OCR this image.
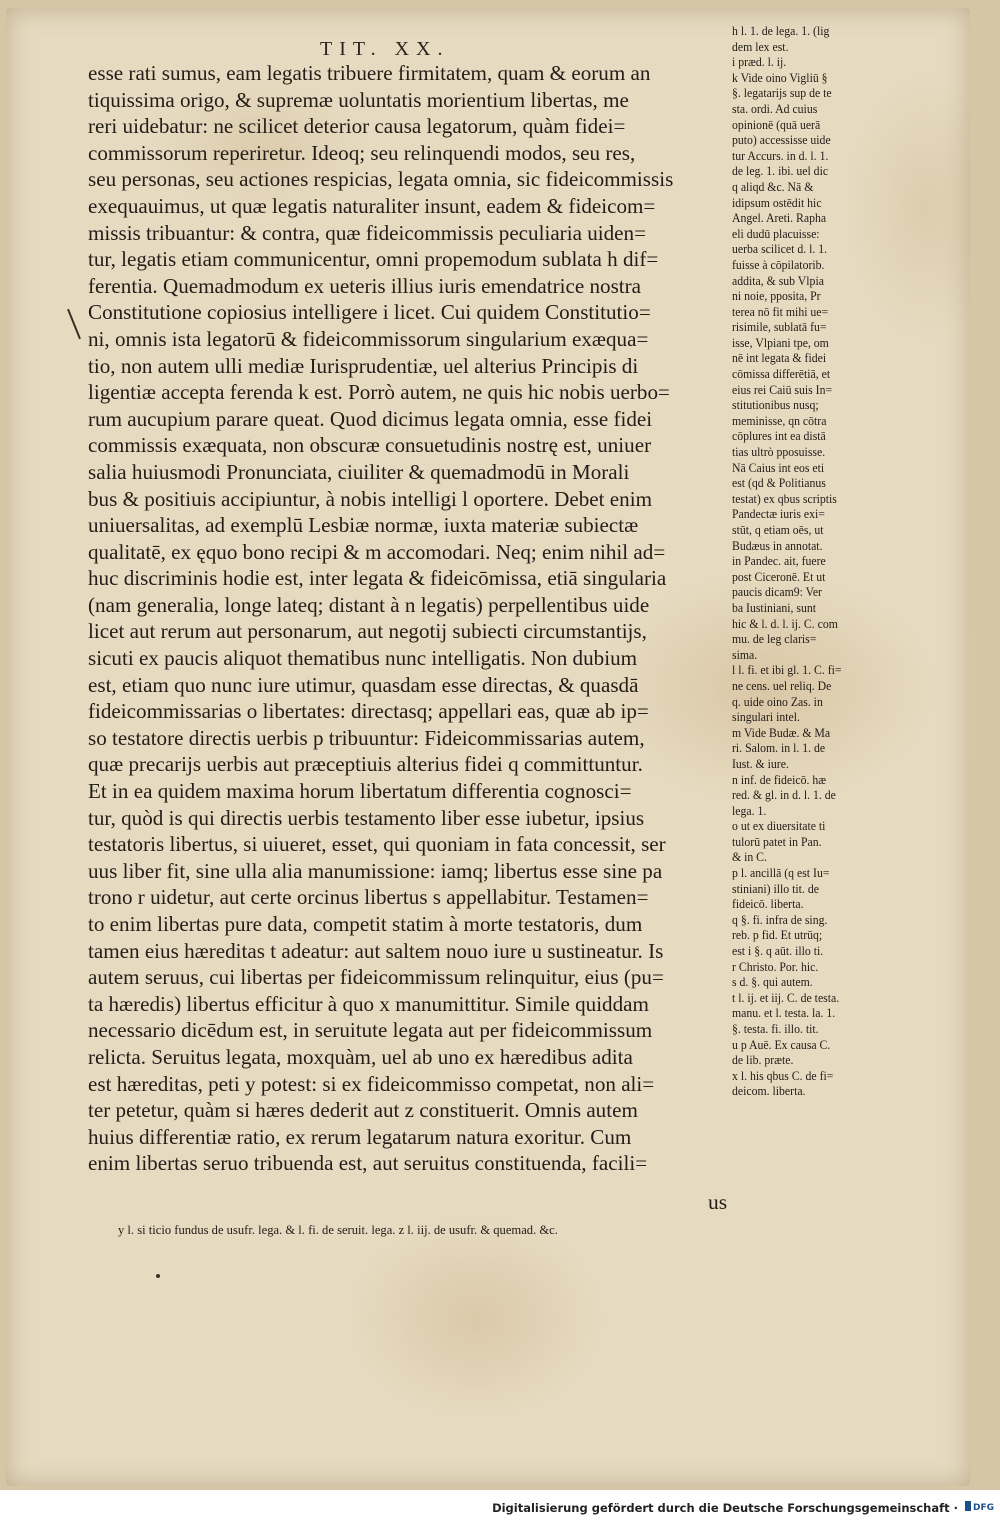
TIT. XX.
esse rati sumus, eam legatis tribuere firmitatem, quam & eorum an
tiquissima origo, & supremæ uoluntatis morientium libertas, me
reri uidebatur: ne scilicet deterior causa legatorum, quàm fidei=
commissorum reperiretur. Ideoq; seu relinquendi modos, seu res,
seu personas, seu actiones respicias, legata omnia, sic fideicommissis
exequauimus, ut quæ legatis naturaliter insunt, eadem & fideicom=
missis tribuantur: & contra, quæ fideicommissis peculiaria uiden=
tur, legatis etiam communicentur, omni propemodum sublata h dif=
ferentia. Quemadmodum ex ueteris illius iuris emendatrice nostra
Constitutione copiosius intelligere i licet. Cui quidem Constitutio=
ni, omnis ista legatorū & fideicommissorum singularium exæqua=
tio, non autem ulli mediæ Iurisprudentiæ, uel alterius Principis di
ligentiæ accepta ferenda k est. Porrò autem, ne quis hic nobis uerbo=
rum aucupium parare queat. Quod dicimus legata omnia, esse fidei
commissis exæquata, non obscuræ consuetudinis nostrę est, uniuer
salia huiusmodi Pronunciata, ciuiliter & quemadmodū in Morali
bus & positiuis accipiuntur, à nobis intelligi l oportere. Debet enim
uniuersalitas, ad exemplū Lesbiæ normæ, iuxta materiæ subiectæ
qualitatē, ex ęquo bono recipi & m accomodari. Neq; enim nihil ad=
huc discriminis hodie est, inter legata & fideicōmissa, etiā singularia
(nam generalia, longe lateq; distant à n legatis) perpellentibus uide
licet aut rerum aut personarum, aut negotij subiecti circumstantijs,
sicuti ex paucis aliquot thematibus nunc intelligatis. Non dubium
est, etiam quo nunc iure utimur, quasdam esse directas, & quasdā
fideicommissarias o libertates: directasq; appellari eas, quæ ab ip=
so testatore directis uerbis p tribuuntur: Fideicommissarias autem,
quæ precarijs uerbis aut præceptiuis alterius fidei q committuntur.
Et in ea quidem maxima horum libertatum differentia cognosci=
tur, quòd is qui directis uerbis testamento liber esse iubetur, ipsius
testatoris libertus, si uiueret, esset, qui quoniam in fata concessit, ser
uus liber fit, sine ulla alia manumissione: iamq; libertus esse sine pa
trono r uidetur, aut certe orcinus libertus s appellabitur. Testamen=
to enim libertas pure data, competit statim à morte testatoris, dum
tamen eius hæreditas t adeatur: aut saltem nouo iure u sustineatur. Is
autem seruus, cui libertas per fideicommissum relinquitur, eius (pu=
ta hæredis) libertus efficitur à quo x manumittitur. Simile quiddam
necessario dicēdum est, in seruitute legata aut per fideicommissum
relicta. Seruitus legata, moxquàm, uel ab uno ex hæredibus adita
est hæreditas, peti y potest: si ex fideicommisso competat, non ali=
ter petetur, quàm si hæres dederit aut z constituerit. Omnis autem
huius differentiæ ratio, ex rerum legatarum natura exoritur. Cum
enim libertas seruo tribuenda est, aut seruitus constituenda, facili=
us
h l. 1. de lega. 1. (lig
dem lex est.
i præd. l. ij.
k Vide oino Vigliū §
§. legatarijs sup de te
sta. ordi. Ad cuius
opinionē (quā uerā
puto) accessisse uide
tur Accurs. in d. l. 1.
de leg. 1. ibi. uel dic
q aliqd &c. Nā &
idipsum ostēdit hic
Angel. Areti. Rapha
eli dudū placuisse:
uerba scilicet d. l. 1.
fuisse à cōpilatorib.
addita, & sub Vlpia
ni noie, pposita, Pr
terea nō fit mihi ue=
risimile, sublatā fu=
isse, Vlpiani tpe, om
nē int legata & fidei
cōmissa differētiā, et
eius rei Caiū suis In=
stitutionibus nusq;
meminisse, qn cōtra
cōplures int ea distā
tias ultrò pposuisse.
Nā Caius int eos eti
est (qd & Politianus
testat) ex qbus scriptis
Pandectæ iuris exi=
stūt, q etiam oēs, ut
Budæus in annotat.
in Pandec. ait, fuere
post Ciceronē. Et ut
paucis dicam9: Ver
ba Iustiniani, sunt
hic & l. d. l. ij. C. com
mu. de leg claris=
sima.
l l. fi. et ibi gl. 1. C. fi=
ne cens. uel reliq. De
q. uide oino Zas. in
singulari intel.
m Vide Budæ. & Ma
ri. Salom. in l. 1. de
Iust. & iure.
n inf. de fideicō. hæ
red. & gl. in d. l. 1. de
lega. 1.
o ut ex diuersitate ti
tulorū patet in Pan.
& in C.
p l. ancillā (q est Iu=
stiniani) illo tit. de
fideicō. liberta.
q §. fi. infra de sing.
reb. p fid. Et utrūq;
est i §. q aūt. illo ti.
r Christo. Por. hic.
s d. §. qui autem.
t l. ij. et iij. C. de testa.
manu. et l. testa. la. 1.
§. testa. fi. illo. tit.
u p Auē. Ex causa C.
de lib. præte.
x l. his qbus C. de fi=
deicom. liberta.
y l. si ticio fundus de usufr. lega. & l. fi. de seruit. lega. z l. iij. de usufr. & quemad. &c.
Digitalisierung gefördert durch die Deutsche Forschungsgemeinschaft · DFG
